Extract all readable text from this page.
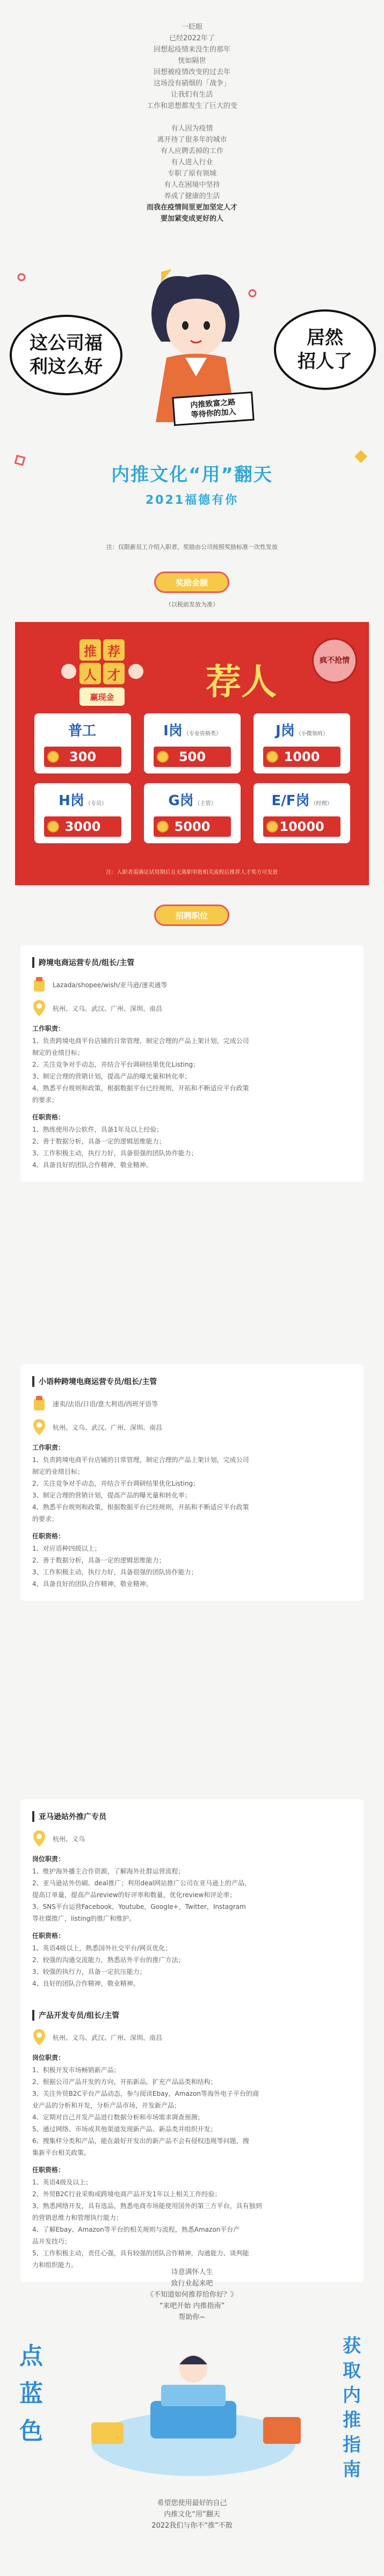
一眨眼

已经2022年了

回想起疫情来没生的那年

恍如隔世

回想被疫情改变的过去年

这场没有硝烟的「战争」

让我们有生活

工作和思想都发生了巨大的变

有人因为疫情

离开待了很多年的城市

有人应聘丢掉的工作

有人进入行业

专职了原有领域

有人在困境中坚持

养成了健康的生活

而我在疫情间里更加坚定人才

要加紧变成更好的人

这公司福
利这么好
居然
招人了
内推致富之路
等待你的加入
内推文化“用”翻天
2021福德有你
注：仅限新员工介绍入职者，奖励由公司按照奖励标准一次性发放
奖励金额
（以税前发放为准）
推 荐
人 才
赢现金	荐人	疯不抢情
普工
300
I岗 （专业资格类）
500
J岗 （小微领班）
1000
H岗 （专员）
3000
G岗 （主管）
5000
E/F岗 （经理）
10000
注：入职者需满足试用期后且无离职审批相关流程后推荐人才奖方可发放
招聘职位
跨境电商运营专员/组长/主管
Lazada/shopee/wish/亚马逊/速卖通等
杭州、义乌、武汉、广州、深圳、南昌
工作职责：
1、负责跨境电商平台店铺的日常管理，制定合理的产品上架计划，完成公司
制定的业绩目标；
2、关注竞争对手动态，并结合平台调研结果优化Listing；
3、制定合理的营销计划，提高产品的曝光量和转化率；
4、熟悉平台规则和政策，根据数据平台已经规则，开拓和不断适应平台政策
的要求；
任职资格：
1、熟练使用办公软件，具备1年及以上经验；
2、善于数据分析，具备一定的逻辑思维能力；
3、工作积极主动，执行力好，具备很强的团队协作能力；
4、具备良好的团队合作精神，敬业精神。
小语种跨境电商运营专员/组长/主管
速卖/法语/日语/意大利语/西班牙语等
杭州、义乌、武汉、广州、深圳、南昌
工作职责：
1、负责跨境电商平台店铺的日常管理，制定合理的产品上架计划，完成公司
制定的业绩目标；
2、关注竞争对手动态，并结合平台调研结果优化Listing；
3、制定合理的营销计划，提高产品的曝光量和转化率；
4、熟悉平台规则和政策，根据数据平台已经规则，开拓和不断适应平台政策
的要求；
任职资格：
1、对应语种四级以上；
2、善于数据分析，具备一定的逻辑思维能力；
3、工作积极主动，执行力好，具备很强的团队协作能力；
4、具备良好的团队合作精神，敬业精神。
亚马逊站外推广专员
杭州、义乌
岗位职责：
1、维护海外播主合作资源，了解海外社群运营流程；
2、亚马逊站外仿刷、deal推广；利用deal网站推广公司在亚马逊上的产品，
提高订单量，提高产品review的好评率和数量，优化review和评论率；
3、SNS平台运营Facebook，Youtube，Google+，Twitter，Instagram
等社媒推广，listing的推广和维护。
任职资格：
1、英语4级以上，熟悉国外社交平台/网页优化；
2、较强的沟通交流能力，熟悉站外平台的推广方法；
3、较强的执行力，具备一定抗压能力；
4、良好的团队合作精神，敬业精神。
产品开发专员/组长/主管
杭州、义乌、武汉、广州、深圳、南昌
岗位职责：
1、积极开发市场畅销新产品；
2、根据公司产品开发的方向，开拓新品，扩充产品品类和结构；
3、关注外贸B2C平台产品动态，参与阅读Ebay，Amazon等海外电子平台的商
业产品的分析和开发，分析产品市场，开发新产品；
4、定期对自己开发产品进行数据分析和市场需求调查预测；
5、通过网络、市场或其他渠道发现新产品、新品类并组织开发；
6、搜集样分类和产品，能在最好开发出的新产品不会有侵权违规等问题，搜
集新平台相关政策。
任职资格：
1、英语4级及以上；
2、外贸B2C行业采购或跨境电商产品开发1年以上相关工作经验；
3、熟悉网络开发，具有选品，熟悉电商市场能使用国外的第三方平台，具有独到
的营销思维力和管理执行能力；
4、了解Ebay、Amazon等平台的相关规则与流程，熟悉Amazon平台产
品开发技巧；
5、工作积极主动，责任心强，具有较强的团队合作精神，沟通能力、谈判能
力和组织能力。

诗意满怀人生

致行业起来吧

《不知道如何推荐给你好？》

“来吧开始 内推指南”

帮助你~

点
蓝
色
获
取
内
推
指
南

希望您使用最好的自己

内推文化“用”翻天

2022我们与你不“推”不散
